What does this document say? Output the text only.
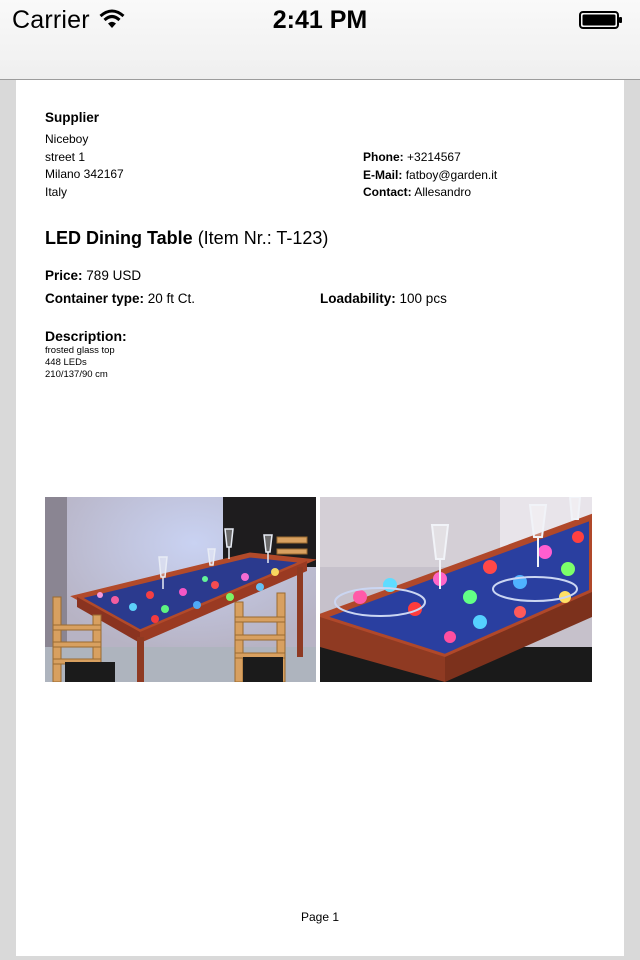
Carrier	2:41 PM
Supplier
Niceboy
street 1
Milano 342167
Italy
Phone: +3214567
E-Mail: fatboy@garden.it
Contact: Allesandro
LED Dining Table (Item Nr.: T-123)
Price: 789 USD
Container type: 20 ft Ct.	Loadability: 100 pcs
Description:
frosted glass top
448 LEDs
210/137/90 cm
Page 1
